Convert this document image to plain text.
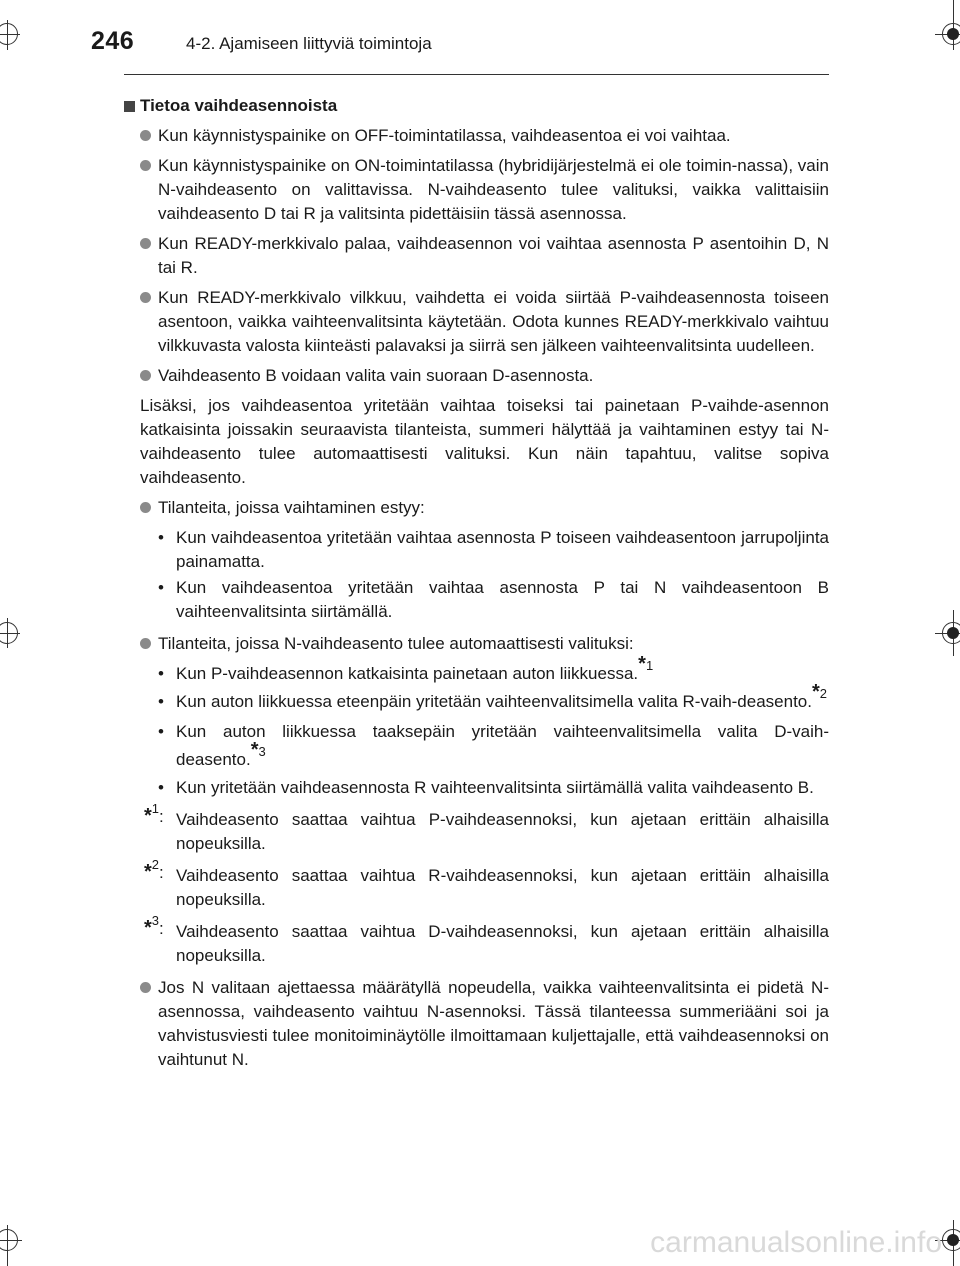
246	4-2. Ajamiseen liittyviä toimintoja
Tietoa vaihdeasennoista
Kun käynnistyspainike on OFF-toimintatilassa, vaihdeasentoa ei voi vaihtaa.
Kun käynnistyspainike on ON-toimintatilassa (hybridijärjestelmä ei ole toimin-nassa), vain N-vaihdeasento on valittavissa. N-vaihdeasento tulee valituksi, vaikka valittaisiin vaihdeasento D tai R ja valitsinta pidettäisiin tässä asennossa.
Kun READY-merkkivalo palaa, vaihdeasennon voi vaihtaa asennosta P asentoihin D, N tai R.
Kun READY-merkkivalo vilkkuu, vaihdetta ei voida siirtää P-vaihdeasennosta toiseen asentoon, vaikka vaihteenvalitsinta käytetään. Odota kunnes READY-merkkivalo vaihtuu vilkkuvasta valosta kiinteästi palavaksi ja siirrä sen jälkeen vaihteenvalitsinta uudelleen.
Vaihdeasento B voidaan valita vain suoraan D-asennosta.
Lisäksi, jos vaihdeasentoa yritetään vaihtaa toiseksi tai painetaan P-vaihde-asennon katkaisinta joissakin seuraavista tilanteista, summeri hälyttää ja vaihtaminen estyy tai N-vaihdeasento tulee automaattisesti valituksi. Kun näin tapahtuu, valitse sopiva vaihdeasento.
Tilanteita, joissa vaihtaminen estyy:
• Kun vaihdeasentoa yritetään vaihtaa asennosta P toiseen vaihdeasentoon jarrupoljinta painamatta.
• Kun vaihdeasentoa yritetään vaihtaa asennosta P tai N vaihdeasentoon B vaihteenvalitsinta siirtämällä.
Tilanteita, joissa N-vaihdeasento tulee automaattisesti valituksi:
• Kun P-vaihdeasennon katkaisinta painetaan auton liikkuessa.$^{*1}$
• Kun auton liikkuessa eteenpäin yritetään vaihteenvalitsimella valita R-vaih-deasento.$^{*2}$
• Kun auton liikkuessa taaksepäin yritetään vaihteenvalitsimella valita D-vaih-deasento.$^{*3}$
• Kun yritetään vaihdeasennosta R vaihteenvalitsinta siirtämällä valita vaihdeasento B.
*$^1$: Vaihdeasento saattaa vaihtua P-vaihdeasennoksi, kun ajetaan erittäin alhaisilla nopeuksilla.
*$^2$: Vaihdeasento saattaa vaihtua R-vaihdeasennoksi, kun ajetaan erittäin alhaisilla nopeuksilla.
*$^3$: Vaihdeasento saattaa vaihtua D-vaihdeasennoksi, kun ajetaan erittäin alhaisilla nopeuksilla.
Jos N valitaan ajettaessa määrätyllä nopeudella, vaikka vaihteenvalitsinta ei pidetä N-asennossa, vaihdeasento vaihtuu N-asennoksi. Tässä tilanteessa summeriääni soi ja vahvistusviesti tulee monitoiminäytölle ilmoittamaan kuljettajalle, että vaihdeasennoksi on vaihtunut N.
carmanualsonline.info
